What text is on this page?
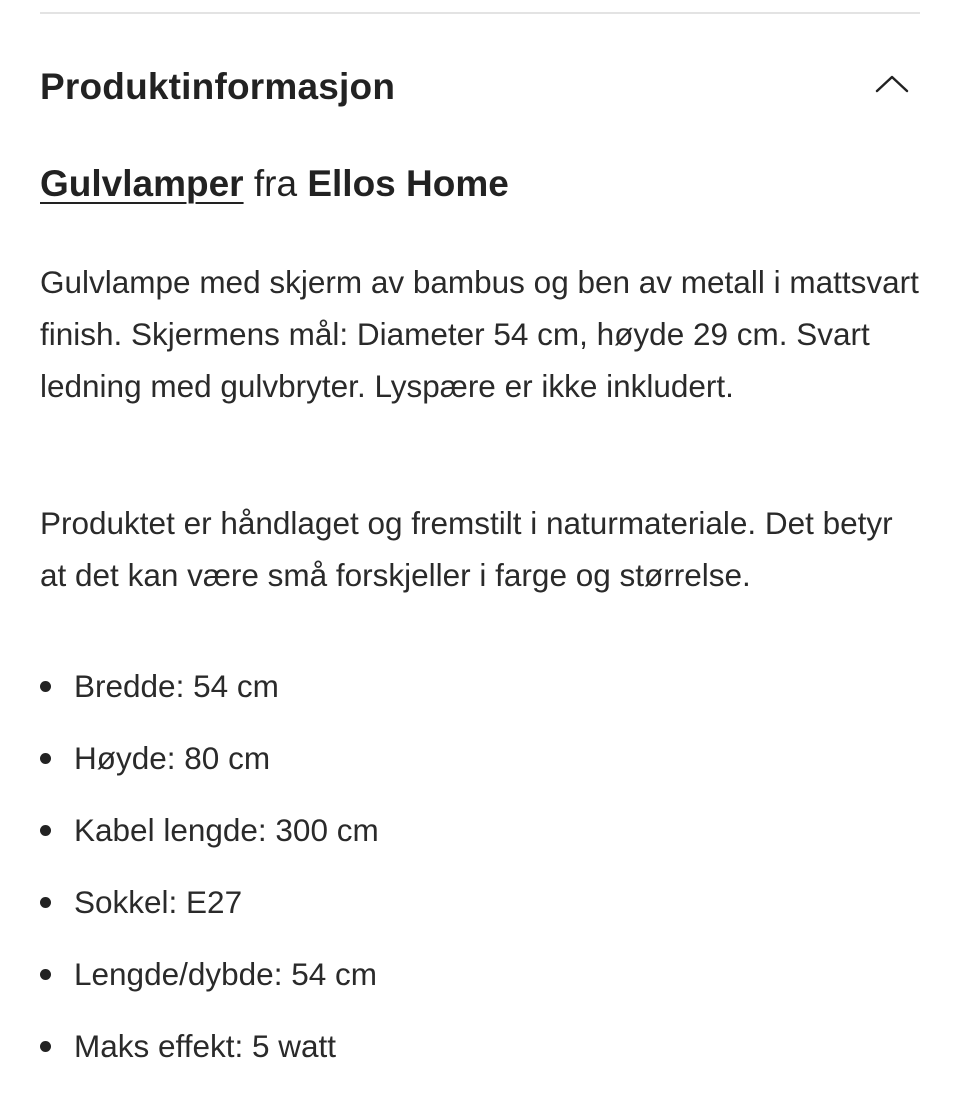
Produktinformasjon
Gulvlamper fra Ellos Home

Gulvlampe med skjerm av bambus og ben av metall i mattsvart finish. Skjermens mål: Diameter 54 cm, høyde 29 cm. Svart ledning med gulvbryter. Lyspære er ikke inkludert.

Produktet er håndlaget og fremstilt i naturmateriale. Det betyr at det kan være små forskjeller i farge og størrelse.

Bredde: 54 cm
Høyde: 80 cm
Kabel lengde: 300 cm
Sokkel: E27
Lengde/dybde: 54 cm
Maks effekt: 5 watt
